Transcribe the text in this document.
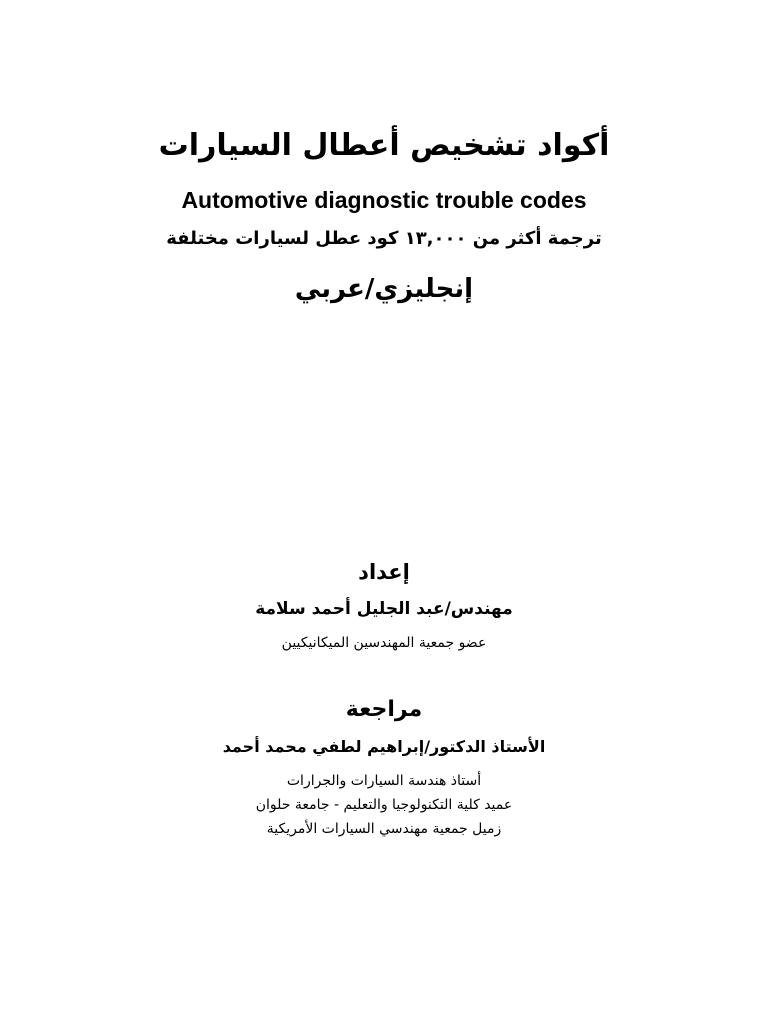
أكواد تشخيص أعطال السيارات
Automotive diagnostic trouble codes

ترجمة أكثر من ١٣,٠٠٠ كود عطل لسيارات مختلفة

إنجليزي/عربي

إعداد

مهندس/عبد الجليل أحمد سلامة

عضو جمعية المهندسين الميكانيكيين

مراجعة

الأستاذ الدكتور/إبراهيم لطفي محمد أحمد

أستاذ هندسة السيارات والجرارات

عميد كلية التكنولوجيا والتعليم - جامعة حلوان

زميل جمعية مهندسي السيارات الأمريكية
